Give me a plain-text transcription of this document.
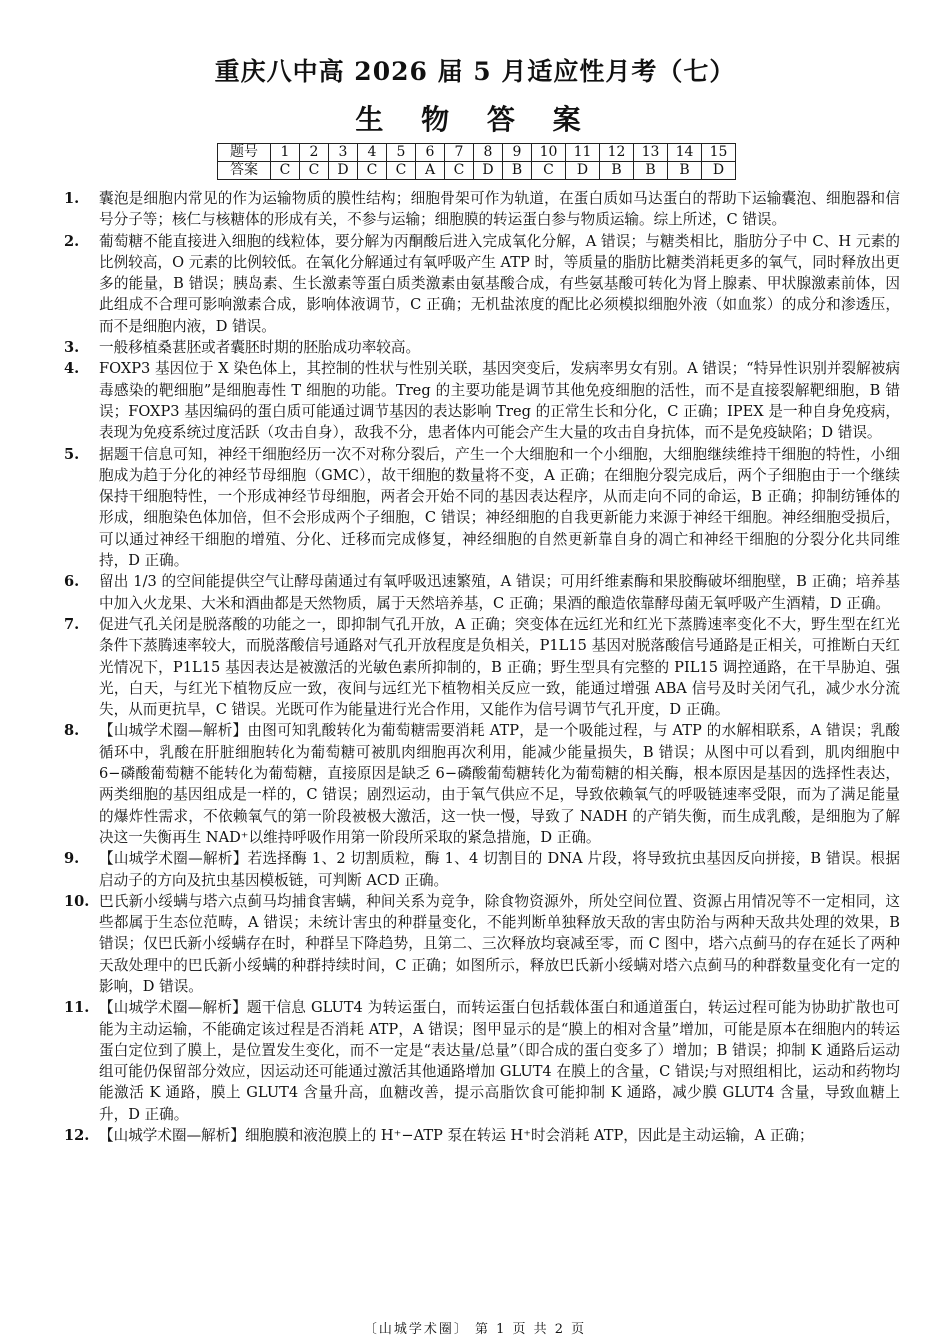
重庆八中高 2026 届 5 月适应性月考（七）
生 物 答 案
题号	1	2	3	4	5	6	7	8	9	10	11	12	13	14	15
答案	C	C	D	C	C	A	C	D	B	C	D	B	B	B	D
1.	囊泡是细胞内常见的作为运输物质的膜性结构；细胞骨架可作为轨道，在蛋白质如马达蛋白的帮助下运输囊泡、细胞器和信号分子等；核仁与核糖体的形成有关，不参与运输；细胞膜的转运蛋白参与物质运输。综上所述，C 错误。
2.	葡萄糖不能直接进入细胞的线粒体，要分解为丙酮酸后进入完成氧化分解，A 错误；与糖类相比，脂肪分子中 C、H 元素的比例较高，O 元素的比例较低。在氧化分解通过有氧呼吸产生 ATP 时，等质量的脂肪比糖类消耗更多的氧气，同时释放出更多的能量，B 错误；胰岛素、生长激素等蛋白质类激素由氨基酸合成，有些氨基酸可转化为肾上腺素、甲状腺激素前体，因此组成不合理可影响激素合成，影响体液调节，C 正确；无机盐浓度的配比必须模拟细胞外液（如血浆）的成分和渗透压，而不是细胞内液，D 错误。
3.	一般移植桑葚胚或者囊胚时期的胚胎成功率较高。
4.	FOXP3 基因位于 X 染色体上，其控制的性状与性别关联，基因突变后，发病率男女有别。A 错误；“特异性识别并裂解被病毒感染的靶细胞”是细胞毒性 T 细胞的功能。Treg 的主要功能是调节其他免疫细胞的活性，而不是直接裂解靶细胞，B 错误；FOXP3 基因编码的蛋白质可能通过调节基因的表达影响 Treg 的正常生长和分化，C 正确；IPEX 是一种自身免疫病，表现为免疫系统过度活跃（攻击自身），敌我不分，患者体内可能会产生大量的攻击自身抗体，而不是免疫缺陷；D 错误。
5.	据题干信息可知，神经干细胞经历一次不对称分裂后，产生一个大细胞和一个小细胞，大细胞继续维持干细胞的特性，小细胞成为趋于分化的神经节母细胞（GMC），故干细胞的数量将不变，A 正确；在细胞分裂完成后，两个子细胞由于一个继续保持干细胞特性，一个形成神经节母细胞，两者会开始不同的基因表达程序，从而走向不同的命运，B 正确；抑制纺锤体的形成，细胞染色体加倍，但不会形成两个子细胞，C 错误；神经细胞的自我更新能力来源于神经干细胞。神经细胞受损后，可以通过神经干细胞的增殖、分化、迁移而完成修复，神经细胞的自然更新靠自身的凋亡和神经干细胞的分裂分化共同维持，D 正确。
6.	留出 1/3 的空间能提供空气让酵母菌通过有氧呼吸迅速繁殖，A 错误；可用纤维素酶和果胶酶破坏细胞壁，B 正确；培养基中加入火龙果、大米和酒曲都是天然物质，属于天然培养基，C 正确；果酒的酿造依靠酵母菌无氧呼吸产生酒精，D 正确。
7.	促进气孔关闭是脱落酸的功能之一，即抑制气孔开放，A 正确；突变体在远红光和红光下蒸腾速率变化不大，野生型在红光条件下蒸腾速率较大，而脱落酸信号通路对气孔开放程度是负相关，P1L15 基因对脱落酸信号通路是正相关，可推断白天红光情况下，P1L15 基因表达是被激活的光敏色素所抑制的，B 正确；野生型具有完整的 PIL15 调控通路，在干旱胁迫、强光，白天，与红光下植物反应一致，夜间与远红光下植物相关反应一致，能通过增强 ABA 信号及时关闭气孔，减少水分流失，从而更抗旱，C 错误。光既可作为能量进行光合作用，又能作为信号调节气孔开度，D 正确。
8.	【山城学术圈—解析】由图可知乳酸转化为葡萄糖需要消耗 ATP，是一个吸能过程，与 ATP 的水解相联系，A 错误；乳酸循环中，乳酸在肝脏细胞转化为葡萄糖可被肌肉细胞再次利用，能减少能量损失，B 错误；从图中可以看到，肌肉细胞中 6−磷酸葡萄糖不能转化为葡萄糖，直接原因是缺乏 6−磷酸葡萄糖转化为葡萄糖的相关酶，根本原因是基因的选择性表达，两类细胞的基因组成是一样的，C 错误；剧烈运动，由于氧气供应不足，导致依赖氧气的呼吸链速率受限，而为了满足能量的爆炸性需求，不依赖氧气的第一阶段被极大激活，这一快一慢，导致了 NADH 的产销失衡，而生成乳酸，是细胞为了解决这一失衡再生 NAD⁺以维持呼吸作用第一阶段所采取的紧急措施，D 正确。
9.	【山城学术圈—解析】若选择酶 1、2 切割质粒，酶 1、4 切割目的 DNA 片段，将导致抗虫基因反向拼接，B 错误。根据启动子的方向及抗虫基因模板链，可判断 ACD 正确。
10. 巴氏新小绥螨与塔六点蓟马均捕食害螨，种间关系为竞争，除食物资源外，所处空间位置、资源占用情况等不一定相同，这些都属于生态位范畴，A 错误；未统计害虫的种群量变化，不能判断单独释放天敌的害虫防治与两种天敌共处理的效果，B 错误；仅巴氏新小绥螨存在时，种群呈下降趋势，且第二、三次释放均衰减至零，而 C 图中，塔六点蓟马的存在延长了两种天敌处理中的巴氏新小绥螨的种群持续时间，C 正确；如图所示，释放巴氏新小绥螨对塔六点蓟马的种群数量变化有一定的影响，D 错误。
11. 【山城学术圈—解析】题干信息 GLUT4 为转运蛋白，而转运蛋白包括载体蛋白和通道蛋白，转运过程可能为协助扩散也可能为主动运输，不能确定该过程是否消耗 ATP，A 错误；图甲显示的是“膜上的相对含量”增加，可能是原本在细胞内的转运蛋白定位到了膜上，是位置发生变化，而不一定是“表达量/总量”（即合成的蛋白变多了）增加；B 错误；抑制 K 通路后运动组可能仍保留部分效应，因运动还可能通过激活其他通路增加 GLUT4 在膜上的含量，C 错误;与对照组相比，运动和药物均能激活 K 通路，膜上 GLUT4 含量升高，血糖改善，提示高脂饮食可能抑制 K 通路，减少膜 GLUT4 含量，导致血糖上升，D 正确。
12. 【山城学术圈—解析】细胞膜和液泡膜上的 H⁺−ATP 泵在转运 H⁺时会消耗 ATP，因此是主动运输，A 正确；
〔山城学术圈〕 第 1 页 共 2 页
